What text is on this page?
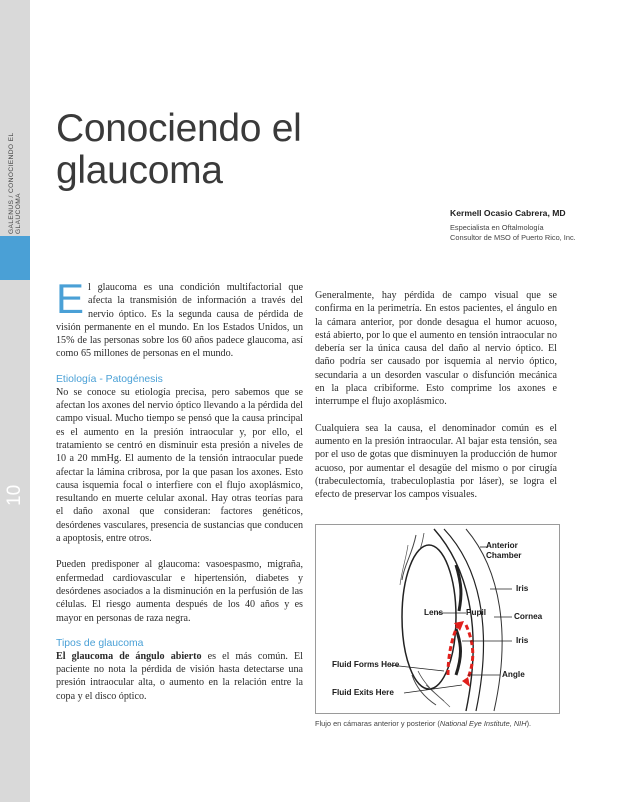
GALENUS / CONOCIENDO EL GLAUCOMA
10
Conociendo el
glaucoma
Kermell Ocasio Cabrera, MD
Especialista en Oftalmología
Consultor de MSO of Puerto Rico, Inc.

El glaucoma es una condición multifactorial que afecta la transmisión de información a través del nervio óptico. Es la segunda causa de pérdida de visión permanente en el mundo. En los Estados Unidos, un 15% de las personas sobre los 60 años padece glaucoma, así como 65 millones de personas en el mundo.

Etiología - Patogénesis

No se conoce su etiología precisa, pero sabemos que se afectan los axones del nervio óptico llevando a la pérdida del campo visual. Mucho tiempo se pensó que la causa principal es el aumento en la presión intraocular y, por ello, el tratamiento se centró en disminuir esta presión a niveles de 10 a 20 mmHg. El aumento de la tensión intraocular puede afectar la lámina cribrosa, por la que pasan los axones. Esto causa isquemia focal o interfiere con el flujo axoplásmico, resultando en muerte celular axonal. Hay otras teorías para el daño axonal que consideran: factores genéticos, desórdenes vasculares, presencia de sustancias que conducen a apoptosis, entre otros.

Pueden predisponer al glaucoma: vasoespasmo, migraña, enfermedad cardiovascular e hipertensión, diabetes y desórdenes asociados a la disminución en la perfusión de las células. El riesgo aumenta después de los 40 años y es mayor en personas de raza negra.

Tipos de glaucoma

El glaucoma de ángulo abierto es el más común. El paciente no nota la pérdida de visión hasta detectarse una presión intraocular alta, o aumento en la relación entre la copa y el disco óptico.

Generalmente, hay pérdida de campo visual que se confirma en la perimetría. En estos pacientes, el ángulo en la cámara anterior, por donde desagua el humor acuoso, está abierto, por lo que el aumento en tensión intraocular no debería ser la única causa del daño al nervio óptico. El daño podría ser causado por isquemia al nervio óptico, secundaria a un desorden vascular o disfunción mecánica en la placa cribiforme. Esto comprime los axones e interrumpe el flujo axoplásmico.

Cualquiera sea la causa, el denominador común es el aumento en la presión intraocular. Al bajar esta tensión, sea por el uso de gotas que disminuyen la producción de humor acuoso, por aumentar el desagüe del mismo o por cirugía (trabeculectomía, trabeculoplastia por láser), se logra el efecto de preservar los campos visuales.

Anterior
Chamber
Iris
Lens	Pupil	Cornea
Iris
Fluid Forms Here
Angle
Fluid Exits Here
Flujo en cámaras anterior y posterior (National Eye Institute, NIH).
